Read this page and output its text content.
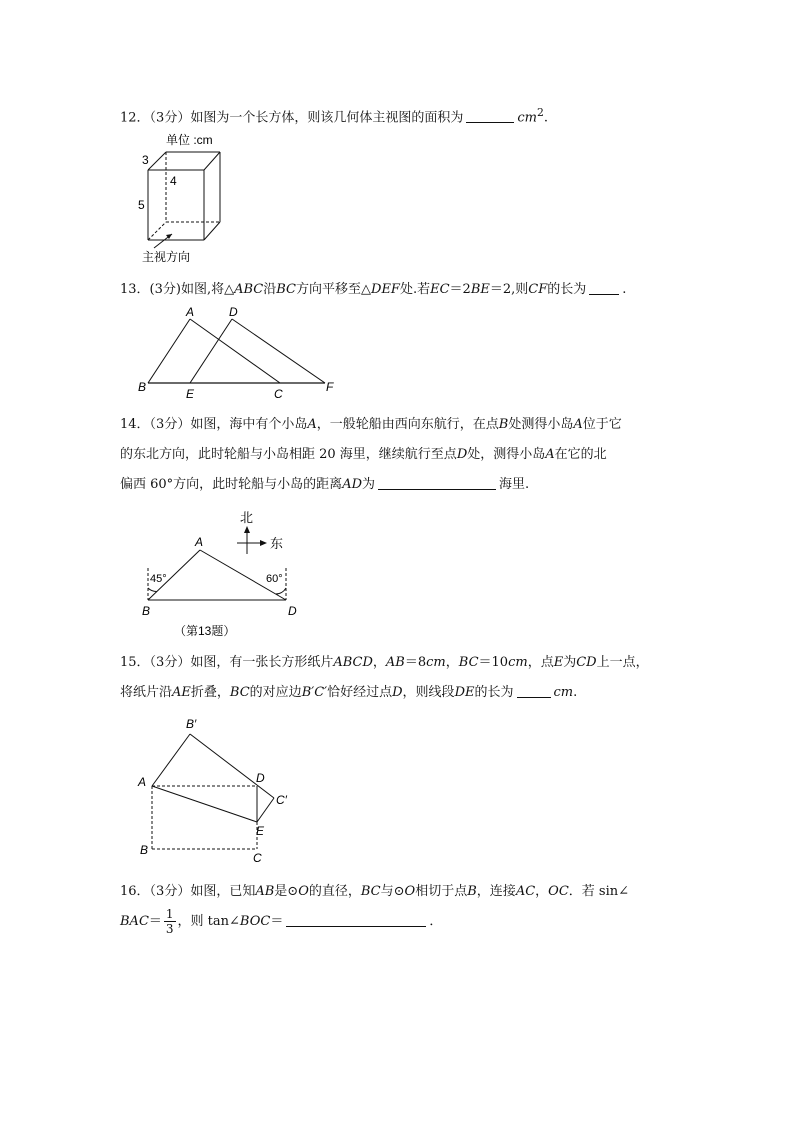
12．（3分）如图为一个长方体，则该几何体主视图的面积为	$cm^2$.
单位 :cm
3
4
5
主视方向
13．(3分)如图,将△ABC沿BC方向平移至△DEF处.若EC＝2BE＝2,则CF的长为	.
A	D
B	E	C	F
14．（3分）如图，海中有个小岛A，一般轮船由西向东航行，在点B处测得小岛A位于它
的东北方向，此时轮船与小岛相距 20 海里，继续航行至点D处，测得小岛A在它的北
偏西 60°方向，此时轮船与小岛的距离AD为	海里.
北
东
A
B	D
45°	60°
（第13题）
15．（3分）如图，有一张长方形纸片ABCD，AB＝8cm，BC＝10cm，点E为CD上一点，
将纸片沿AE折叠，BC的对应边B′C′恰好经过点D，则线段DE的长为	cm.
B′
A	D
C′
E
B
C
16．（3分）如图，已知AB是⊙O的直径，BC与⊙O相切于点B，连接AC，OC．若 sin∠
$BAC= \frac{1}{3}$ ，则 tan∠BOC＝	．
